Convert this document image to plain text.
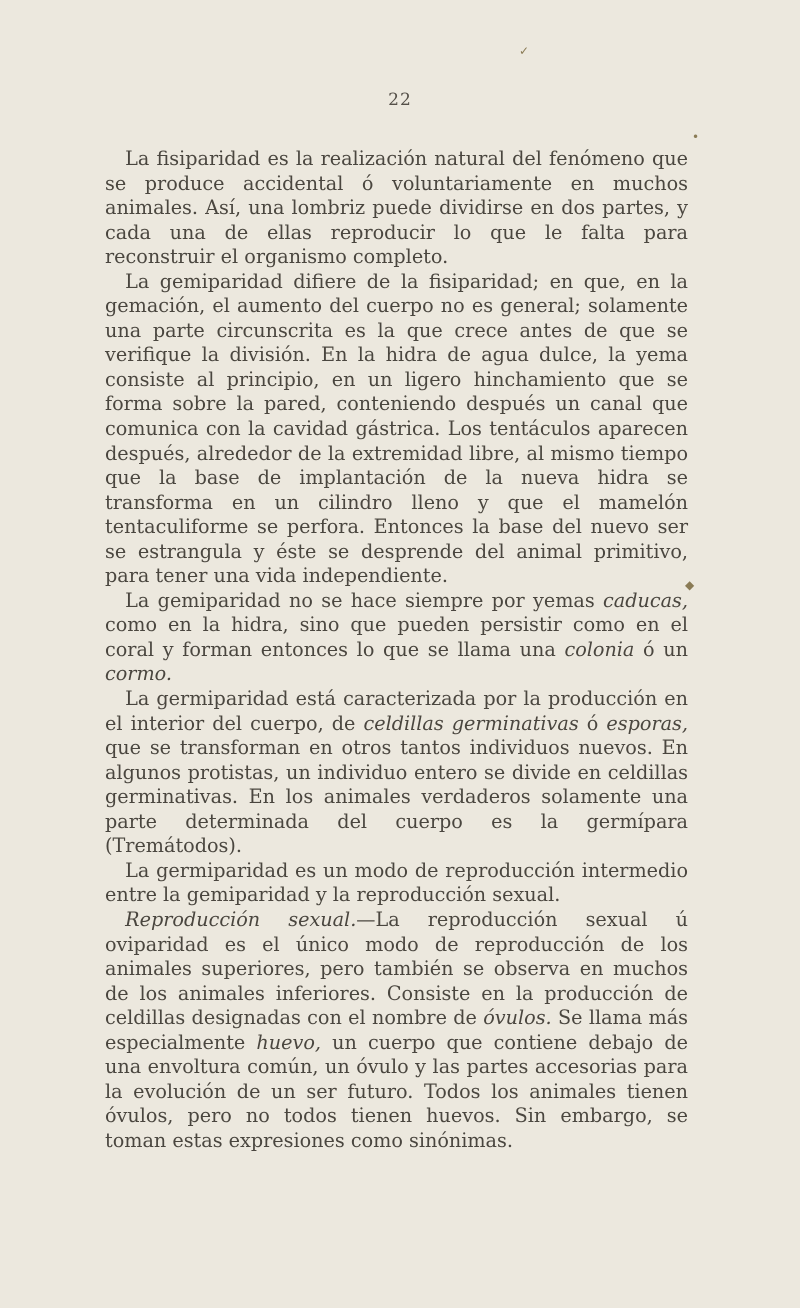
22
✓
•
◆

La fisiparidad es la realización natural del fenómeno que se produce accidental ó voluntariamente en muchos animales. Así, una lombriz puede dividirse en dos partes, y cada una de ellas reproducir lo que le falta para reconstruir el organismo completo.

La gemiparidad difiere de la fisiparidad; en que, en la gemación, el aumento del cuerpo no es general; solamente una parte circunscrita es la que crece antes de que se verifique la división. En la hidra de agua dulce, la yema consiste al principio, en un ligero hinchamiento que se forma sobre la pared, conteniendo después un canal que comunica con la cavidad gástrica. Los tentáculos aparecen después, alrededor de la extremidad libre, al mismo tiempo que la base de implantación de la nueva hidra se transforma en un cilindro lleno y que el mamelón tentaculiforme se perfora. Entonces la base del nuevo ser se estrangula y éste se desprende del animal primitivo, para tener una vida independiente.

La gemiparidad no se hace siempre por yemas caducas, como en la hidra, sino que pueden persistir como en el coral y forman entonces lo que se llama una colonia ó un cormo.

La germiparidad está caracterizada por la producción en el interior del cuerpo, de celdillas germinativas ó esporas, que se transforman en otros tantos individuos nuevos. En algunos protistas, un individuo entero se divide en celdillas germinativas. En los animales verdaderos solamente una parte determinada del cuerpo es la germípara (Tremátodos).

La germiparidad es un modo de reproducción intermedio entre la gemiparidad y la reproducción sexual.

Reproducción sexual.—La reproducción sexual ú oviparidad es el único modo de reproducción de los animales superiores, pero también se observa en muchos de los animales inferiores. Consiste en la producción de celdillas designadas con el nombre de óvulos. Se llama más especialmente huevo, un cuerpo que contiene debajo de una envoltura común, un óvulo y las partes accesorias para la evolución de un ser futuro. Todos los animales tienen óvulos, pero no todos tienen huevos. Sin embargo, se toman estas expresiones como sinónimas.
